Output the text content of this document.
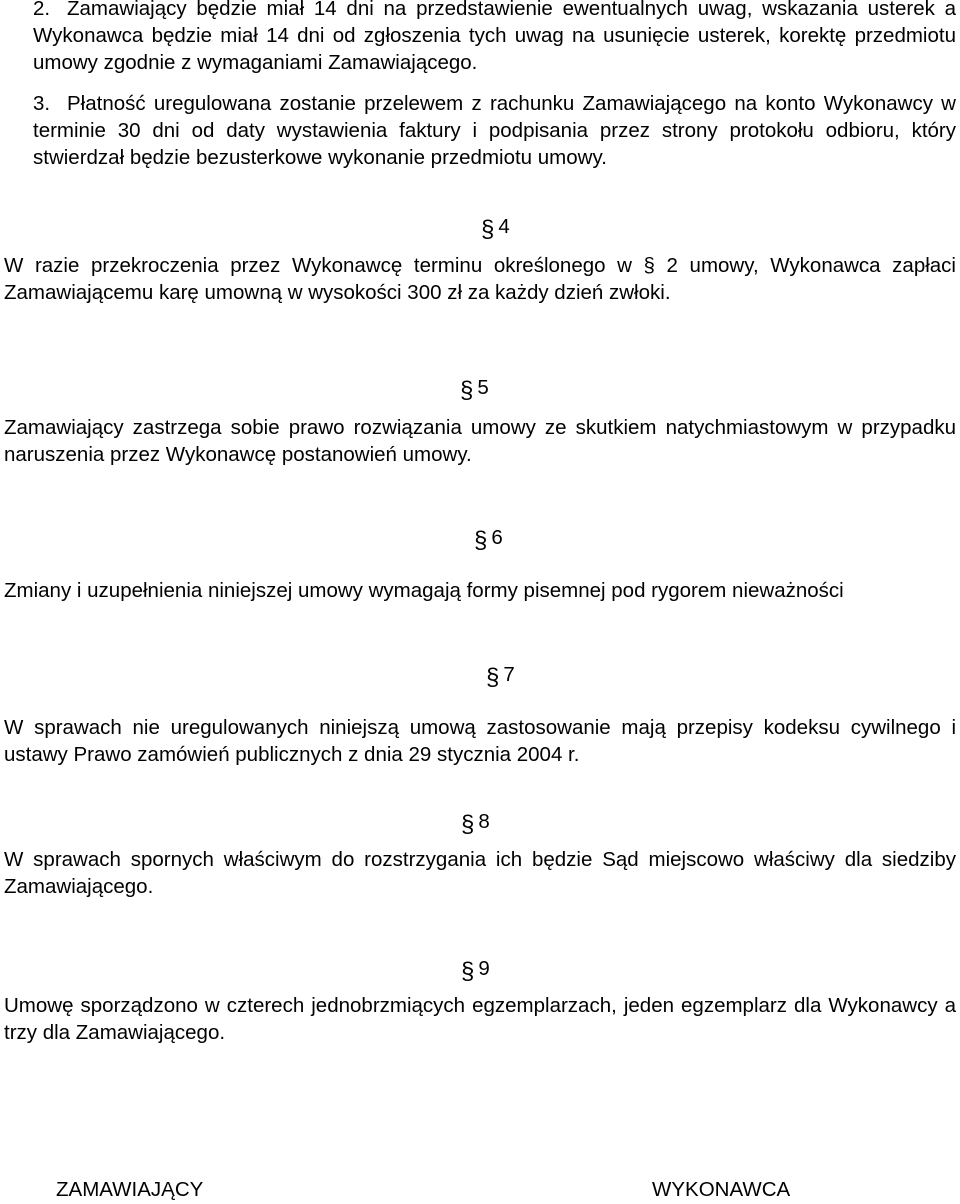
2. Zamawiający będzie miał 14 dni na przedstawienie ewentualnych uwag, wskazania usterek a Wykonawca będzie miał 14 dni od zgłoszenia tych uwag na usunięcie usterek, korektę przedmiotu umowy zgodnie z wymaganiami Zamawiającego.
3. Płatność uregulowana zostanie przelewem z rachunku Zamawiającego na konto Wykonawcy w terminie 30 dni od daty wystawienia faktury i podpisania przez strony protokołu odbioru, który stwierdzał będzie bezusterkowe wykonanie przedmiotu umowy.
§ 4
W razie przekroczenia przez Wykonawcę terminu określonego w § 2 umowy, Wykonawca zapłaci Zamawiającemu karę umowną w wysokości 300 zł za każdy dzień zwłoki.
§ 5
Zamawiający zastrzega sobie prawo rozwiązania umowy ze skutkiem natychmiastowym w przypadku naruszenia przez Wykonawcę postanowień umowy.
§ 6
Zmiany i uzupełnienia niniejszej umowy wymagają formy pisemnej pod rygorem nieważności
§ 7
W sprawach nie uregulowanych niniejszą umową zastosowanie mają przepisy kodeksu cywilnego i ustawy Prawo zamówień publicznych z dnia 29 stycznia 2004 r.
§ 8
W sprawach spornych właściwym do rozstrzygania ich będzie Sąd miejscowo właściwy dla siedziby Zamawiającego.
§ 9
Umowę sporządzono w czterech jednobrzmiących egzemplarzach, jeden egzemplarz dla Wykonawcy a trzy dla Zamawiającego.
ZAMAWIAJĄCY	WYKONAWCA
